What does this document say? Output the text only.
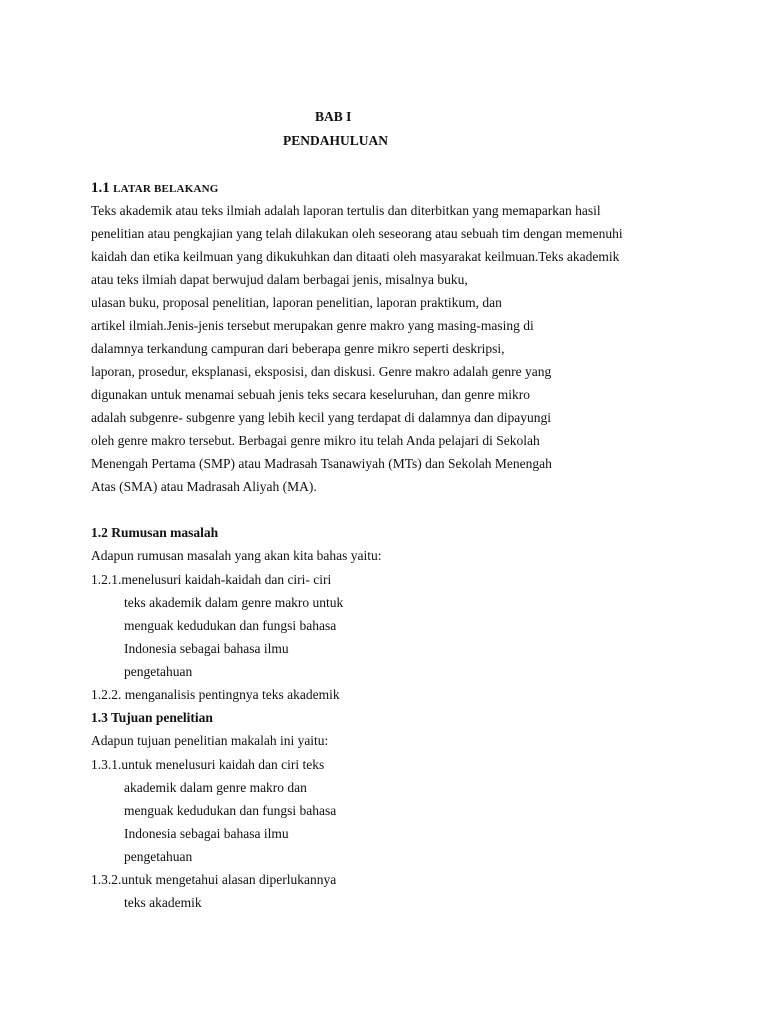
BAB I
PENDAHULUAN
1.1 LATAR BELAKANG
Teks akademik atau teks ilmiah adalah laporan tertulis dan diterbitkan yang memaparkan hasil
penelitian atau pengkajian yang telah dilakukan oleh seseorang atau sebuah tim dengan memenuhi
kaidah dan etika keilmuan yang dikukuhkan dan ditaati oleh masyarakat keilmuan.Teks akademik
atau teks ilmiah dapat berwujud dalam berbagai jenis, misalnya buku,
ulasan buku, proposal penelitian, laporan penelitian, laporan praktikum, dan
artikel ilmiah.Jenis-jenis tersebut merupakan genre makro yang masing-masing di
dalamnya terkandung campuran dari beberapa genre mikro seperti deskripsi,
laporan, prosedur, eksplanasi, eksposisi, dan diskusi. Genre makro adalah genre yang
digunakan untuk menamai sebuah jenis teks secara keseluruhan, dan genre mikro
adalah subgenre- subgenre yang lebih kecil yang terdapat di dalamnya dan dipayungi
oleh genre makro tersebut. Berbagai genre mikro itu telah Anda pelajari di Sekolah
Menengah Pertama (SMP) atau Madrasah Tsanawiyah (MTs) dan Sekolah Menengah
Atas (SMA) atau Madrasah Aliyah (MA).
1.2 Rumusan masalah
Adapun rumusan masalah yang akan kita bahas yaitu:
1.2.1.menelusuri kaidah-kaidah dan ciri- ciri
teks akademik dalam genre makro untuk
menguak kedudukan dan fungsi bahasa
Indonesia sebagai bahasa ilmu
pengetahuan
1.2.2. menganalisis pentingnya teks akademik
1.3 Tujuan penelitian
Adapun tujuan penelitian makalah ini yaitu:
1.3.1.untuk menelusuri kaidah dan ciri teks
akademik dalam genre makro dan
menguak kedudukan dan fungsi bahasa
Indonesia sebagai bahasa ilmu
pengetahuan
1.3.2.untuk mengetahui alasan diperlukannya
teks akademik
